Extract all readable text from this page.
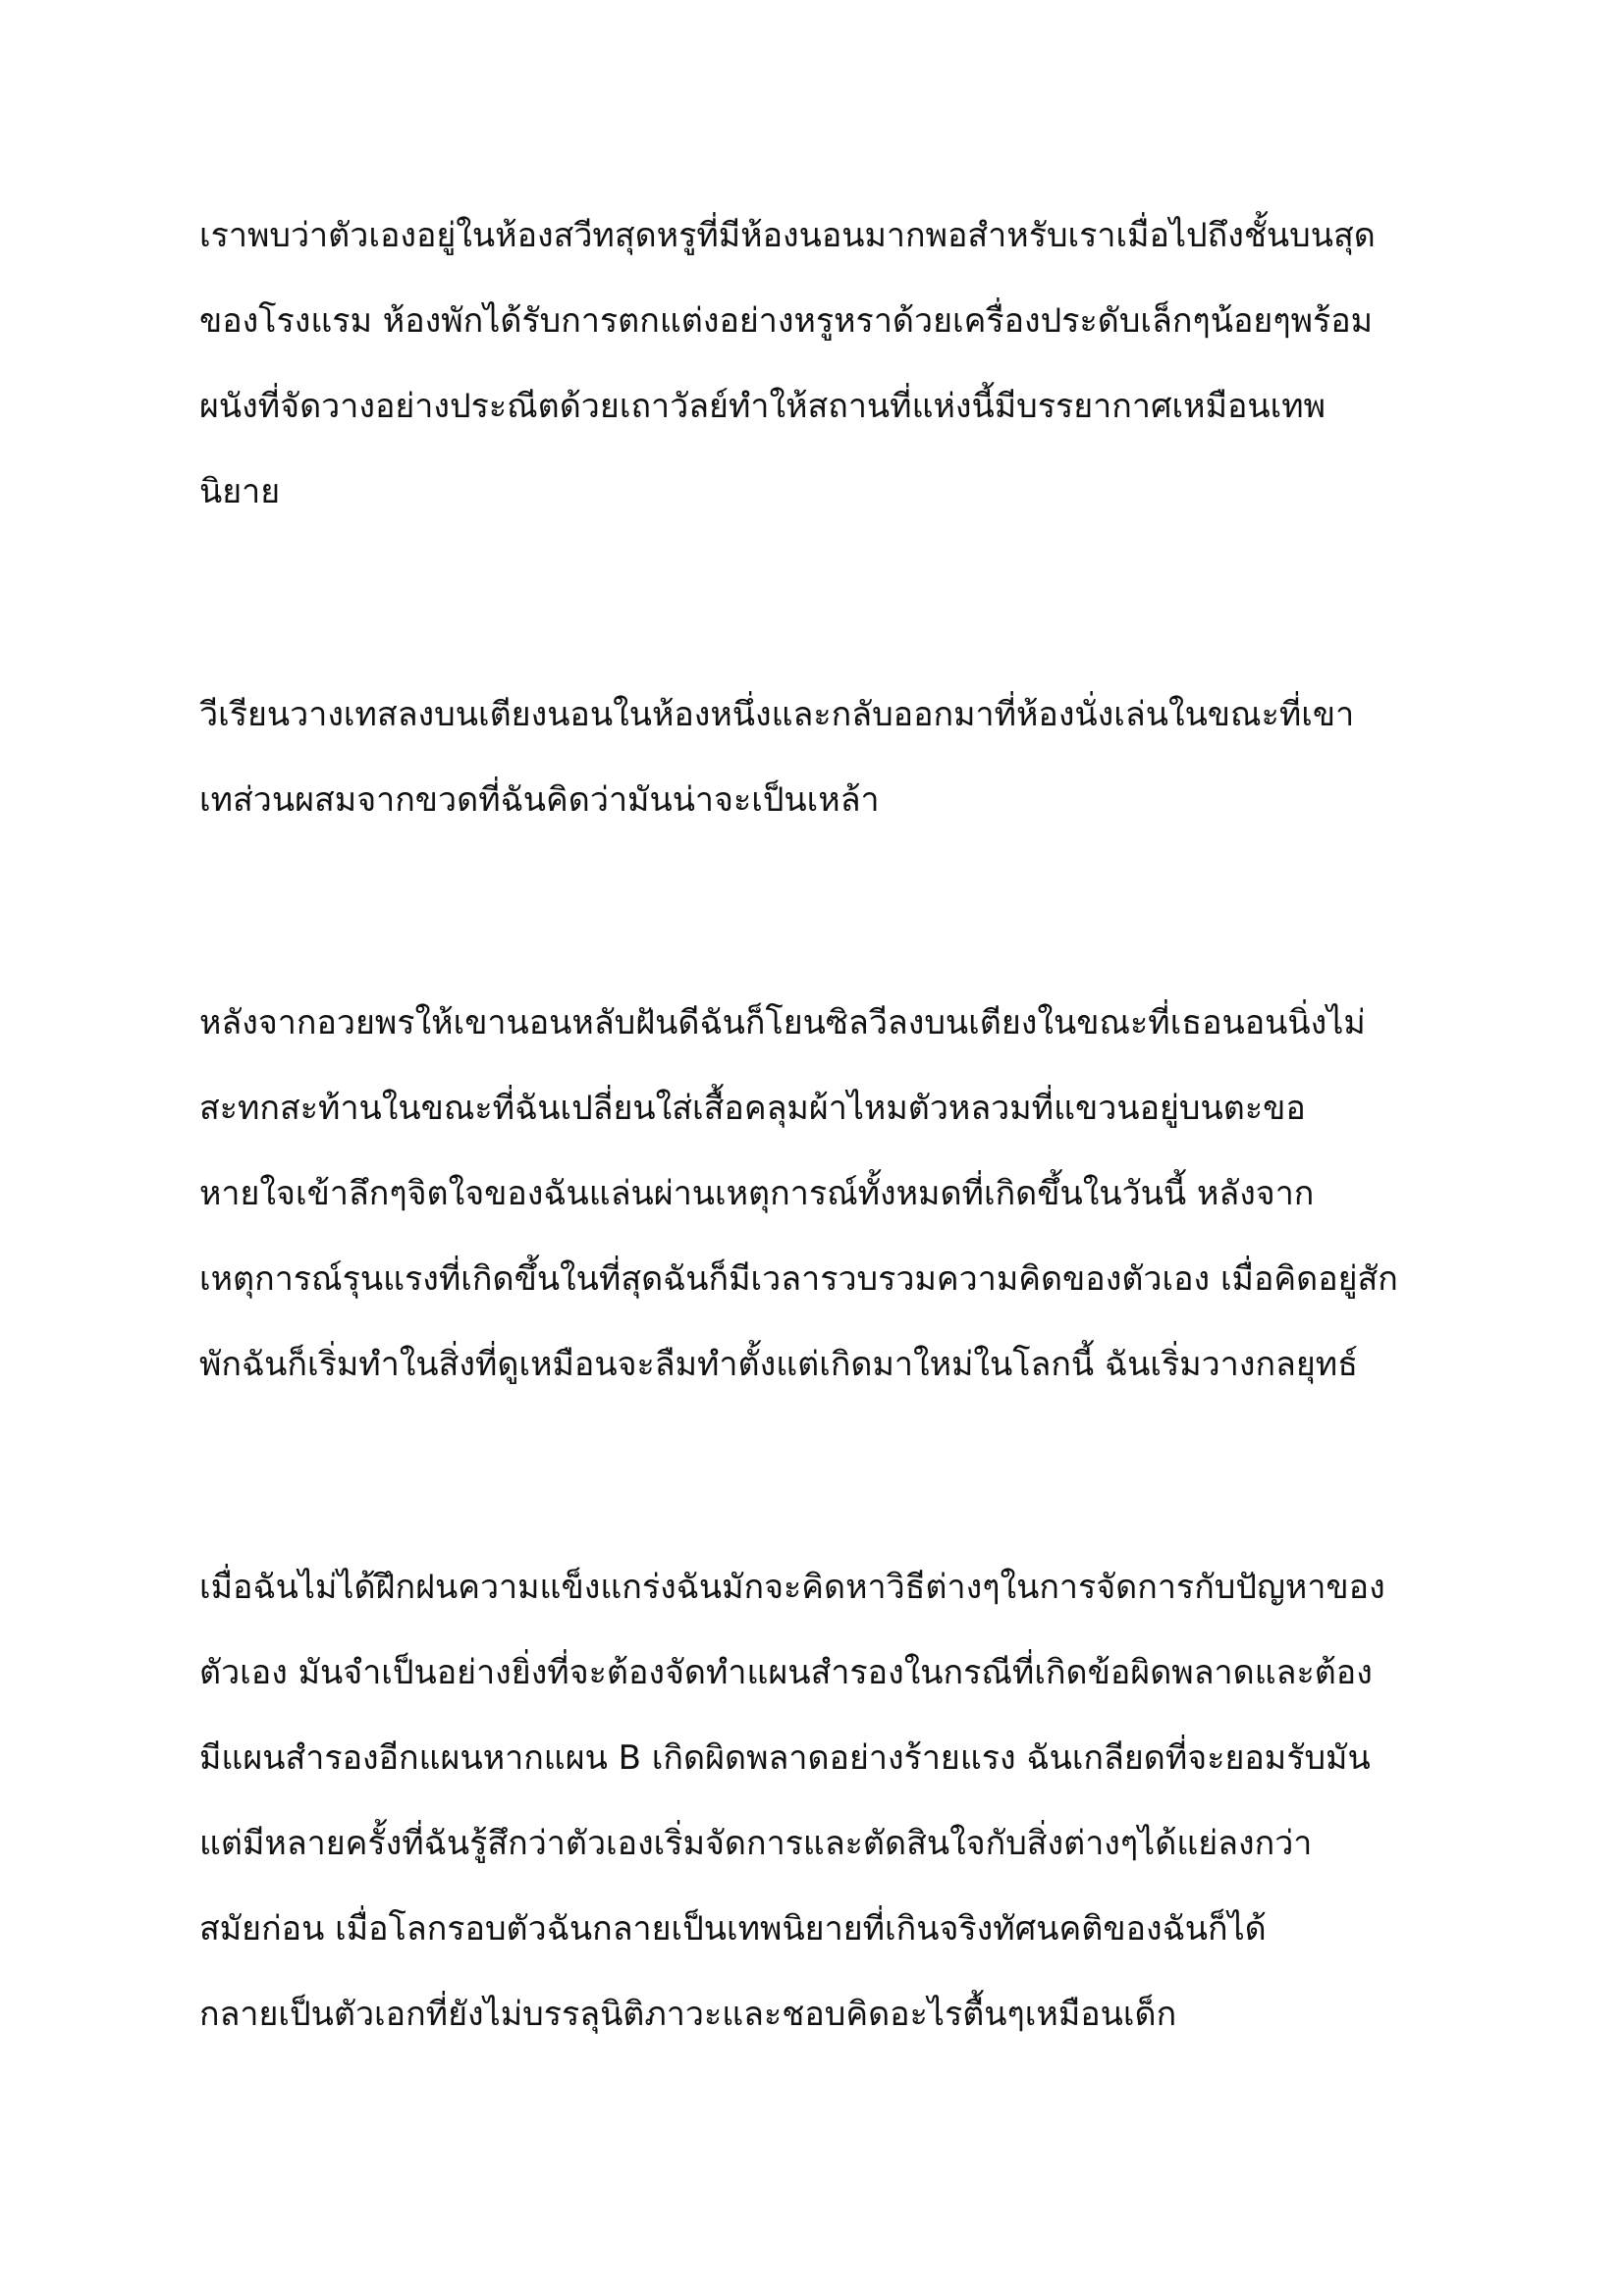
เราพบว่าตัวเองอยู่ในห้องสวีทสุดหรูที่มีห้องนอนมากพอสำหรับเราเมื่อไปถึงชั้นบนสุด

ของโรงแรม ห้องพักได้รับการตกแต่งอย่างหรูหราด้วยเครื่องประดับเล็กๆน้อยๆพร้อม

ผนังที่จัดวางอย่างประณีตด้วยเถาวัลย์ทำให้สถานที่แห่งนี้มีบรรยากาศเหมือนเทพ

นิยาย

วีเรียนวางเทสลงบนเตียงนอนในห้องหนึ่งและกลับออกมาที่ห้องนั่งเล่นในขณะที่เขา

เทส่วนผสมจากขวดที่ฉันคิดว่ามันน่าจะเป็นเหล้า

หลังจากอวยพรให้เขานอนหลับฝันดีฉันก็โยนซิลวีลงบนเตียงในขณะที่เธอนอนนิ่งไม่

สะทกสะท้านในขณะที่ฉันเปลี่ยนใส่เสื้อคลุมผ้าไหมตัวหลวมที่แขวนอยู่บนตะขอ

หายใจเข้าลึกๆจิตใจของฉันแล่นผ่านเหตุการณ์ทั้งหมดที่เกิดขึ้นในวันนี้ หลังจาก

เหตุการณ์รุนแรงที่เกิดขึ้นในที่สุดฉันก็มีเวลารวบรวมความคิดของตัวเอง เมื่อคิดอยู่สัก

พักฉันก็เริ่มทำในสิ่งที่ดูเหมือนจะลืมทำตั้งแต่เกิดมาใหม่ในโลกนี้ ฉันเริ่มวางกลยุทธ์

เมื่อฉันไม่ได้ฝึกฝนความแข็งแกร่งฉันมักจะคิดหาวิธีต่างๆในการจัดการกับปัญหาของ

ตัวเอง มันจำเป็นอย่างยิ่งที่จะต้องจัดทำแผนสำรองในกรณีที่เกิดข้อผิดพลาดและต้อง

มีแผนสำรองอีกแผนหากแผน B เกิดผิดพลาดอย่างร้ายแรง ฉันเกลียดที่จะยอมรับมัน

แต่มีหลายครั้งที่ฉันรู้สึกว่าตัวเองเริ่มจัดการและตัดสินใจกับสิ่งต่างๆได้แย่ลงกว่า

สมัยก่อน เมื่อโลกรอบตัวฉันกลายเป็นเทพนิยายที่เกินจริงทัศนคติของฉันก็ได้

กลายเป็นตัวเอกที่ยังไม่บรรลุนิติภาวะและชอบคิดอะไรตื้นๆเหมือนเด็ก
